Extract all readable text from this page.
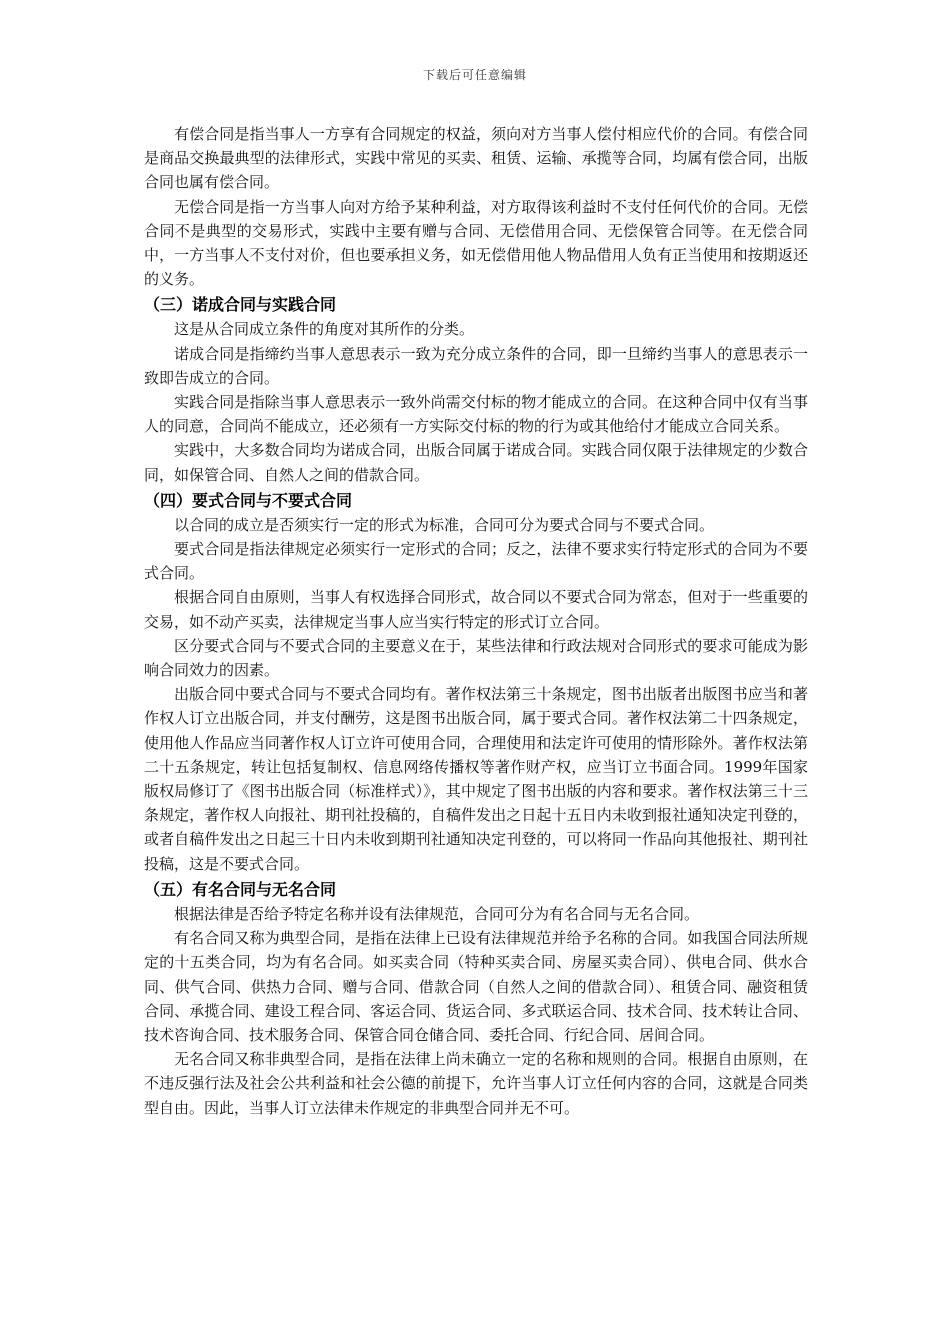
下载后可任意编辑

有偿合同是指当事人一方享有合同规定的权益，须向对方当事人偿付相应代价的合同。有偿合同是商品交换最典型的法律形式，实践中常见的买卖、租赁、运输、承揽等合同，均属有偿合同，出版合同也属有偿合同。

无偿合同是指一方当事人向对方给予某种利益，对方取得该利益时不支付任何代价的合同。无偿合同不是典型的交易形式，实践中主要有赠与合同、无偿借用合同、无偿保管合同等。在无偿合同中，一方当事人不支付对价，但也要承担义务，如无偿借用他人物品借用人负有正当使用和按期返还的义务。

（三）诺成合同与实践合同

这是从合同成立条件的角度对其所作的分类。

诺成合同是指缔约当事人意思表示一致为充分成立条件的合同，即一旦缔约当事人的意思表示一致即告成立的合同。

实践合同是指除当事人意思表示一致外尚需交付标的物才能成立的合同。在这种合同中仅有当事人的同意，合同尚不能成立，还必须有一方实际交付标的物的行为或其他给付才能成立合同关系。

实践中，大多数合同均为诺成合同，出版合同属于诺成合同。实践合同仅限于法律规定的少数合同，如保管合同、自然人之间的借款合同。

（四）要式合同与不要式合同

以合同的成立是否须实行一定的形式为标准，合同可分为要式合同与不要式合同。

要式合同是指法律规定必须实行一定形式的合同；反之，法律不要求实行特定形式的合同为不要式合同。

根据合同自由原则，当事人有权选择合同形式，故合同以不要式合同为常态，但对于一些重要的交易，如不动产买卖，法律规定当事人应当实行特定的形式订立合同。

区分要式合同与不要式合同的主要意义在于，某些法律和行政法规对合同形式的要求可能成为影响合同效力的因素。

出版合同中要式合同与不要式合同均有。著作权法第三十条规定，图书出版者出版图书应当和著作权人订立出版合同，并支付酬劳，这是图书出版合同，属于要式合同。著作权法第二十四条规定，使用他人作品应当同著作权人订立许可使用合同，合理使用和法定许可使用的情形除外。著作权法第二十五条规定，转让包括复制权、信息网络传播权等著作财产权，应当订立书面合同。1999年国家版权局修订了《图书出版合同（标准样式）》，其中规定了图书出版的内容和要求。著作权法第三十三条规定，著作权人向报社、期刊社投稿的，自稿件发出之日起十五日内未收到报社通知决定刊登的，或者自稿件发出之日起三十日内未收到期刊社通知决定刊登的，可以将同一作品向其他报社、期刊社投稿，这是不要式合同。

（五）有名合同与无名合同

根据法律是否给予特定名称并设有法律规范，合同可分为有名合同与无名合同。

有名合同又称为典型合同，是指在法律上已设有法律规范并给予名称的合同。如我国合同法所规定的十五类合同，均为有名合同。如买卖合同（特种买卖合同、房屋买卖合同）、供电合同、供水合同、供气合同、供热力合同、赠与合同、借款合同（自然人之间的借款合同）、租赁合同、融资租赁合同、承揽合同、建设工程合同、客运合同、货运合同、多式联运合同、技术合同、技术转让合同、技术咨询合同、技术服务合同、保管合同仓储合同、委托合同、行纪合同、居间合同。

无名合同又称非典型合同，是指在法律上尚未确立一定的名称和规则的合同。根据自由原则，在不违反强行法及社会公共利益和社会公德的前提下，允许当事人订立任何内容的合同，这就是合同类型自由。因此，当事人订立法律未作规定的非典型合同并无不可。
